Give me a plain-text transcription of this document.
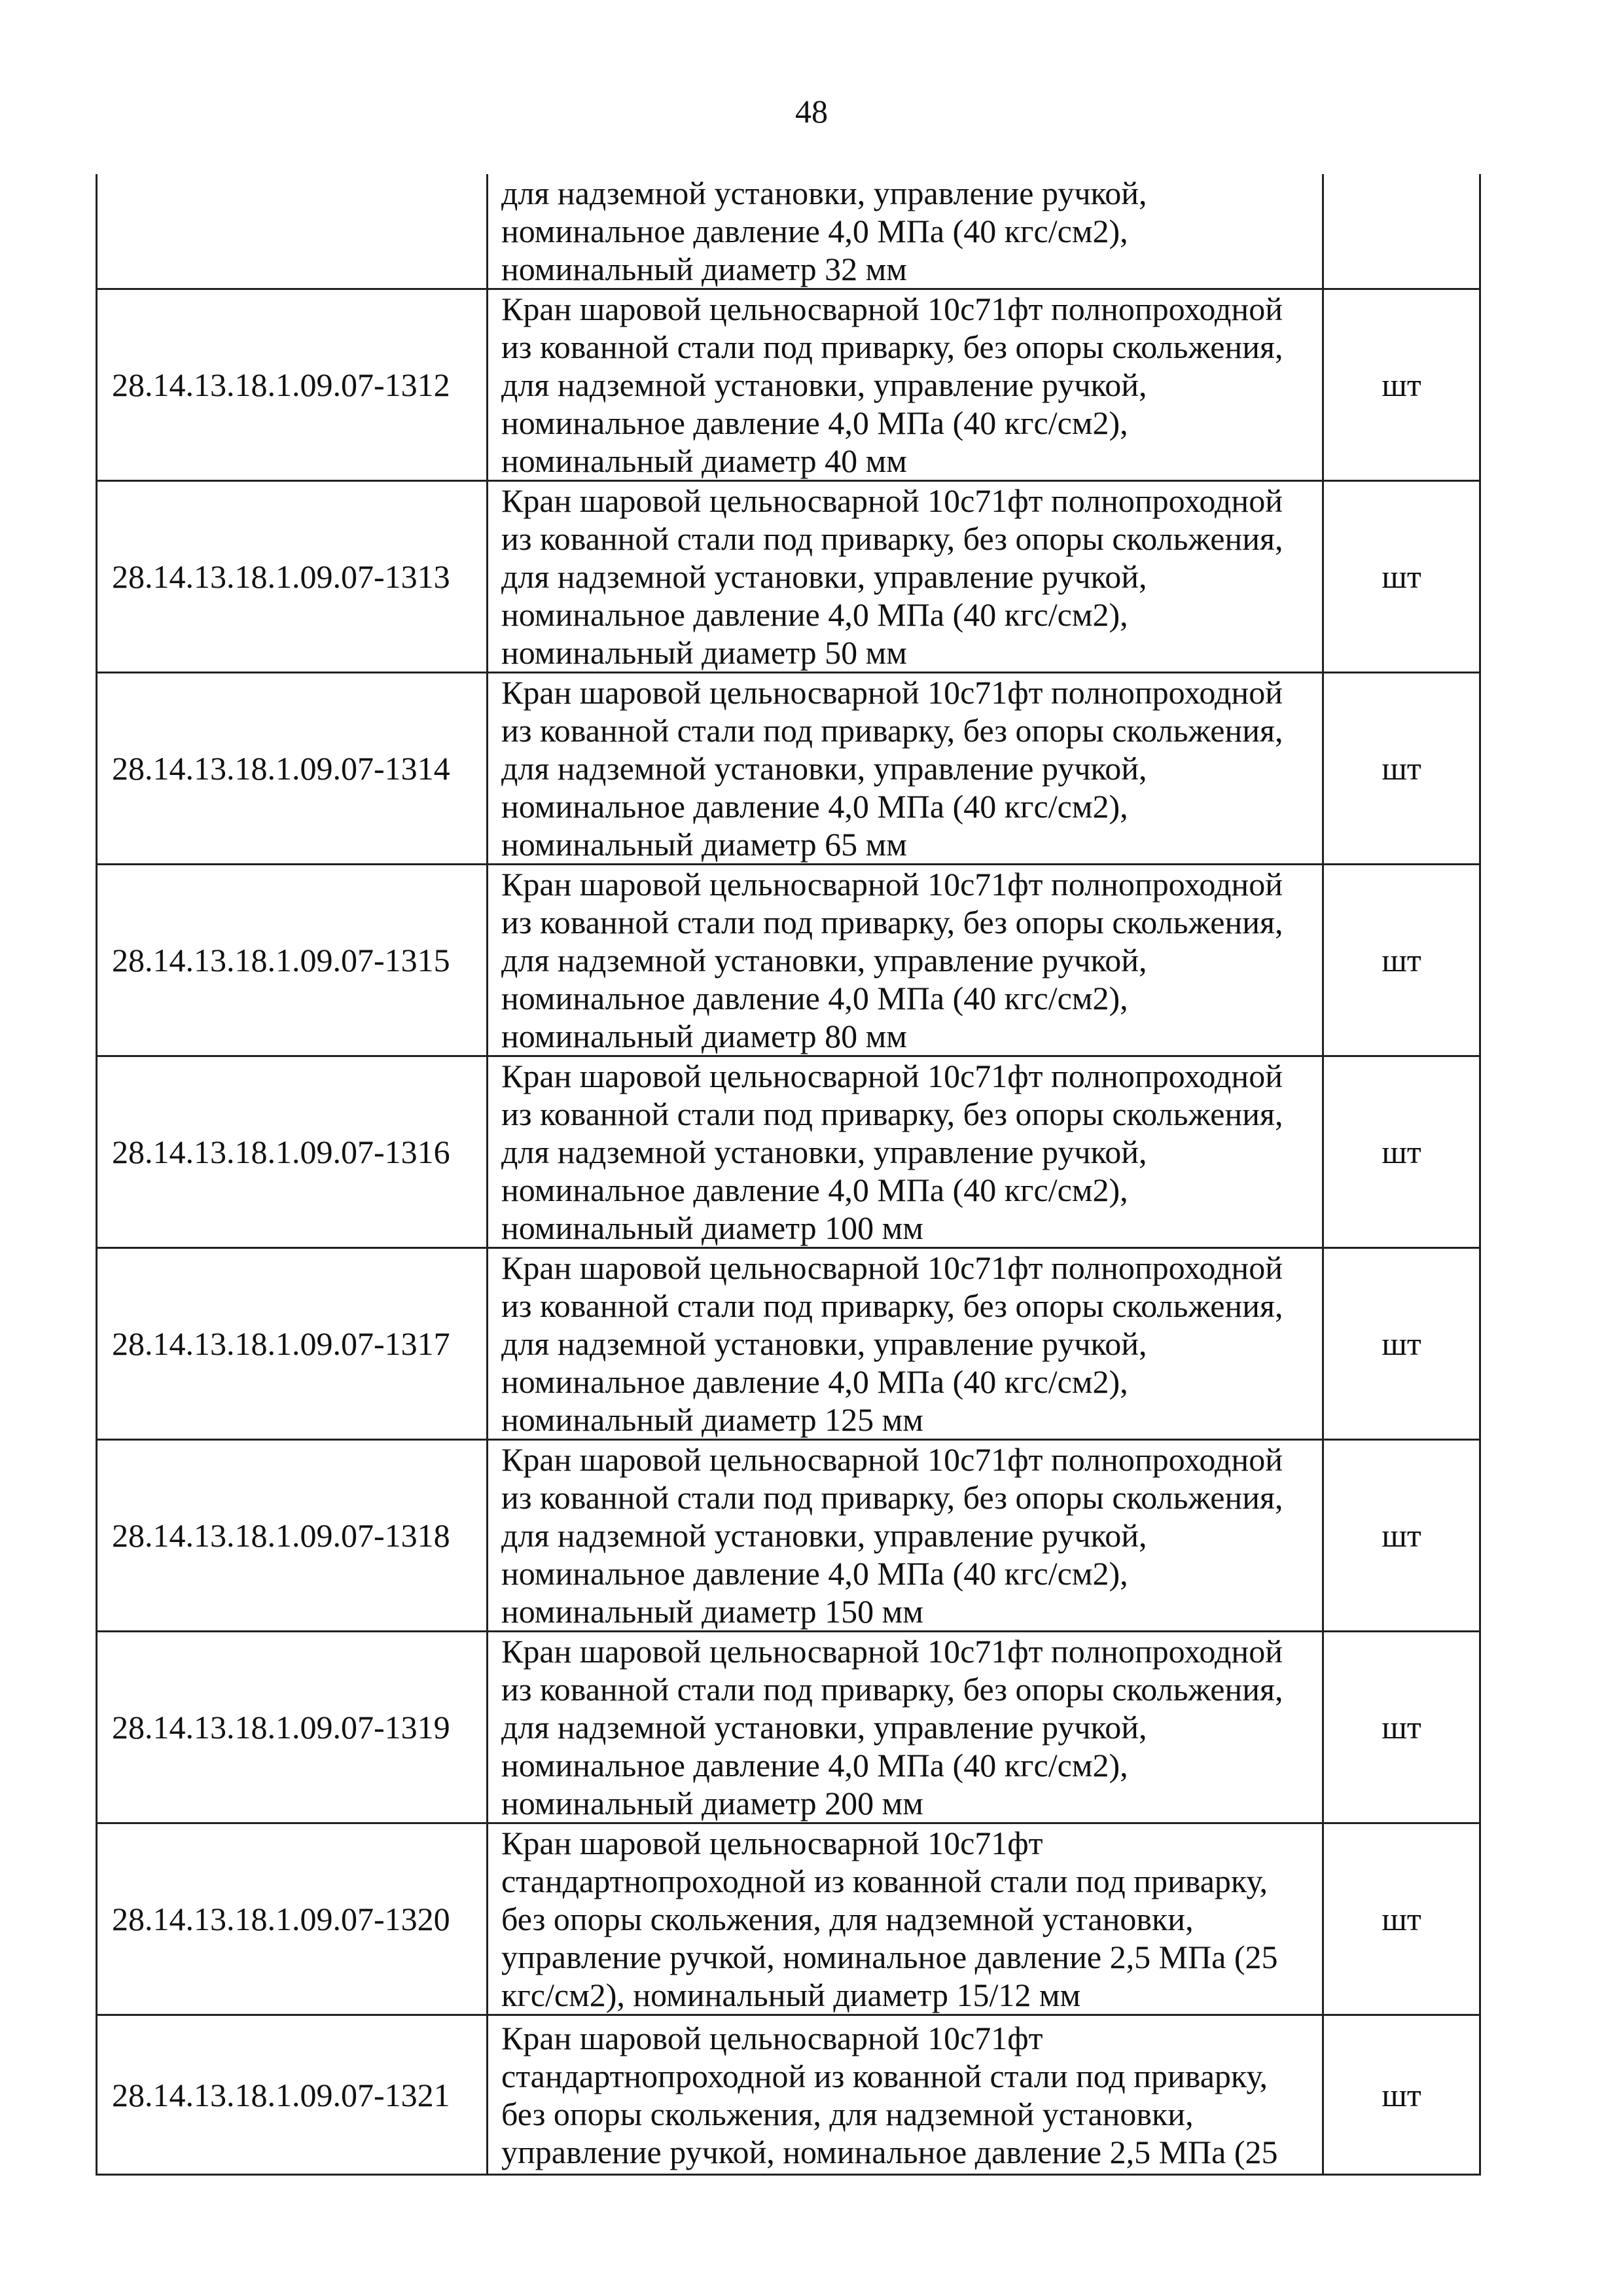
48

	для надземной установки, управление ручкой,
номинальное давление 4,0 МПа (40 кгс/см2),
номинальный диаметр 32 мм	

28.14.13.18.1.09.07-1312	Кран шаровой цельносварной 10с71фт полнопроходной
из кованной стали под приварку, без опоры скольжения,
для надземной установки, управление ручкой,
номинальное давление 4,0 МПа (40 кгс/см2),
номинальный диаметр 40 мм	шт
28.14.13.18.1.09.07-1313	Кран шаровой цельносварной 10с71фт полнопроходной
из кованной стали под приварку, без опоры скольжения,
для надземной установки, управление ручкой,
номинальное давление 4,0 МПа (40 кгс/см2),
номинальный диаметр 50 мм	шт
28.14.13.18.1.09.07-1314	Кран шаровой цельносварной 10с71фт полнопроходной
из кованной стали под приварку, без опоры скольжения,
для надземной установки, управление ручкой,
номинальное давление 4,0 МПа (40 кгс/см2),
номинальный диаметр 65 мм	шт
28.14.13.18.1.09.07-1315	Кран шаровой цельносварной 10с71фт полнопроходной
из кованной стали под приварку, без опоры скольжения,
для надземной установки, управление ручкой,
номинальное давление 4,0 МПа (40 кгс/см2),
номинальный диаметр 80 мм	шт
28.14.13.18.1.09.07-1316	Кран шаровой цельносварной 10с71фт полнопроходной
из кованной стали под приварку, без опоры скольжения,
для надземной установки, управление ручкой,
номинальное давление 4,0 МПа (40 кгс/см2),
номинальный диаметр 100 мм	шт
28.14.13.18.1.09.07-1317	Кран шаровой цельносварной 10с71фт полнопроходной
из кованной стали под приварку, без опоры скольжения,
для надземной установки, управление ручкой,
номинальное давление 4,0 МПа (40 кгс/см2),
номинальный диаметр 125 мм	шт
28.14.13.18.1.09.07-1318	Кран шаровой цельносварной 10с71фт полнопроходной
из кованной стали под приварку, без опоры скольжения,
для надземной установки, управление ручкой,
номинальное давление 4,0 МПа (40 кгс/см2),
номинальный диаметр 150 мм	шт
28.14.13.18.1.09.07-1319	Кран шаровой цельносварной 10с71фт полнопроходной
из кованной стали под приварку, без опоры скольжения,
для надземной установки, управление ручкой,
номинальное давление 4,0 МПа (40 кгс/см2),
номинальный диаметр 200 мм	шт
28.14.13.18.1.09.07-1320	Кран шаровой цельносварной 10с71фт
стандартнопроходной из кованной стали под приварку,
без опоры скольжения, для надземной установки,
управление ручкой, номинальное давление 2,5 МПа (25
кгс/см2), номинальный диаметр 15/12 мм	шт
28.14.13.18.1.09.07-1321	Кран шаровой цельносварной 10с71фт
стандартнопроходной из кованной стали под приварку,
без опоры скольжения, для надземной установки,
управление ручкой, номинальное давление 2,5 МПа (25	шт
